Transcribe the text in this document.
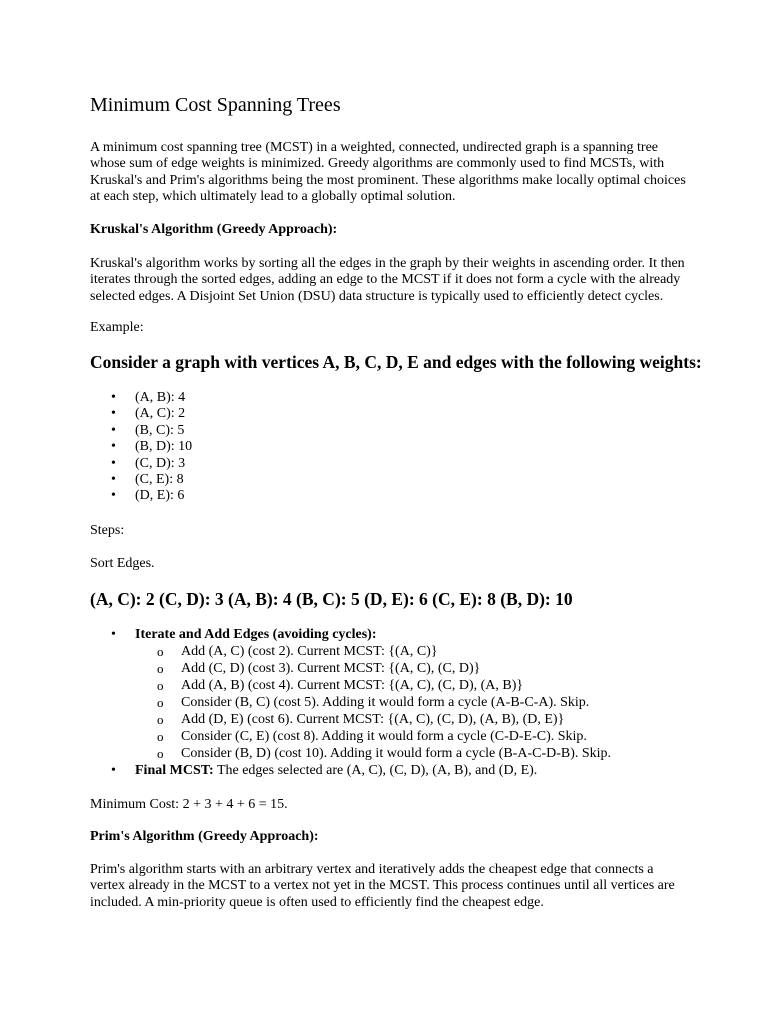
Minimum Cost Spanning Trees

A minimum cost spanning tree (MCST) in a weighted, connected, undirected graph is a spanning tree whose sum of edge weights is minimized. Greedy algorithms are commonly used to find MCSTs, with Kruskal's and Prim's algorithms being the most prominent. These algorithms make locally optimal choices at each step, which ultimately lead to a globally optimal solution.

Kruskal's Algorithm (Greedy Approach):

Kruskal's algorithm works by sorting all the edges in the graph by their weights in ascending order. It then iterates through the sorted edges, adding an edge to the MCST if it does not form a cycle with the already selected edges. A Disjoint Set Union (DSU) data structure is typically used to efficiently detect cycles.

Example:

Consider a graph with vertices A, B, C, D, E and edges with the following weights:

• (A, B): 4
• (A, C): 2
• (B, C): 5
• (B, D): 10
• (C, D): 3
• (C, E): 8
• (D, E): 6

Steps:

Sort Edges.

(A, C): 2 (C, D): 3 (A, B): 4 (B, C): 5 (D, E): 6 (C, E): 8 (B, D): 10

• Iterate and Add Edges (avoiding cycles):
o Add (A, C) (cost 2). Current MCST: {(A, C)}
o Add (C, D) (cost 3). Current MCST: {(A, C), (C, D)}
o Add (A, B) (cost 4). Current MCST: {(A, C), (C, D), (A, B)}
o Consider (B, C) (cost 5). Adding it would form a cycle (A-B-C-A). Skip.
o Add (D, E) (cost 6). Current MCST: {(A, C), (C, D), (A, B), (D, E)}
o Consider (C, E) (cost 8). Adding it would form a cycle (C-D-E-C). Skip.
o Consider (B, D) (cost 10). Adding it would form a cycle (B-A-C-D-B). Skip.
• Final MCST: The edges selected are (A, C), (C, D), (A, B), and (D, E).

Minimum Cost: 2 + 3 + 4 + 6 = 15.

Prim's Algorithm (Greedy Approach):

Prim's algorithm starts with an arbitrary vertex and iteratively adds the cheapest edge that connects a vertex already in the MCST to a vertex not yet in the MCST. This process continues until all vertices are included. A min-priority queue is often used to efficiently find the cheapest edge.
